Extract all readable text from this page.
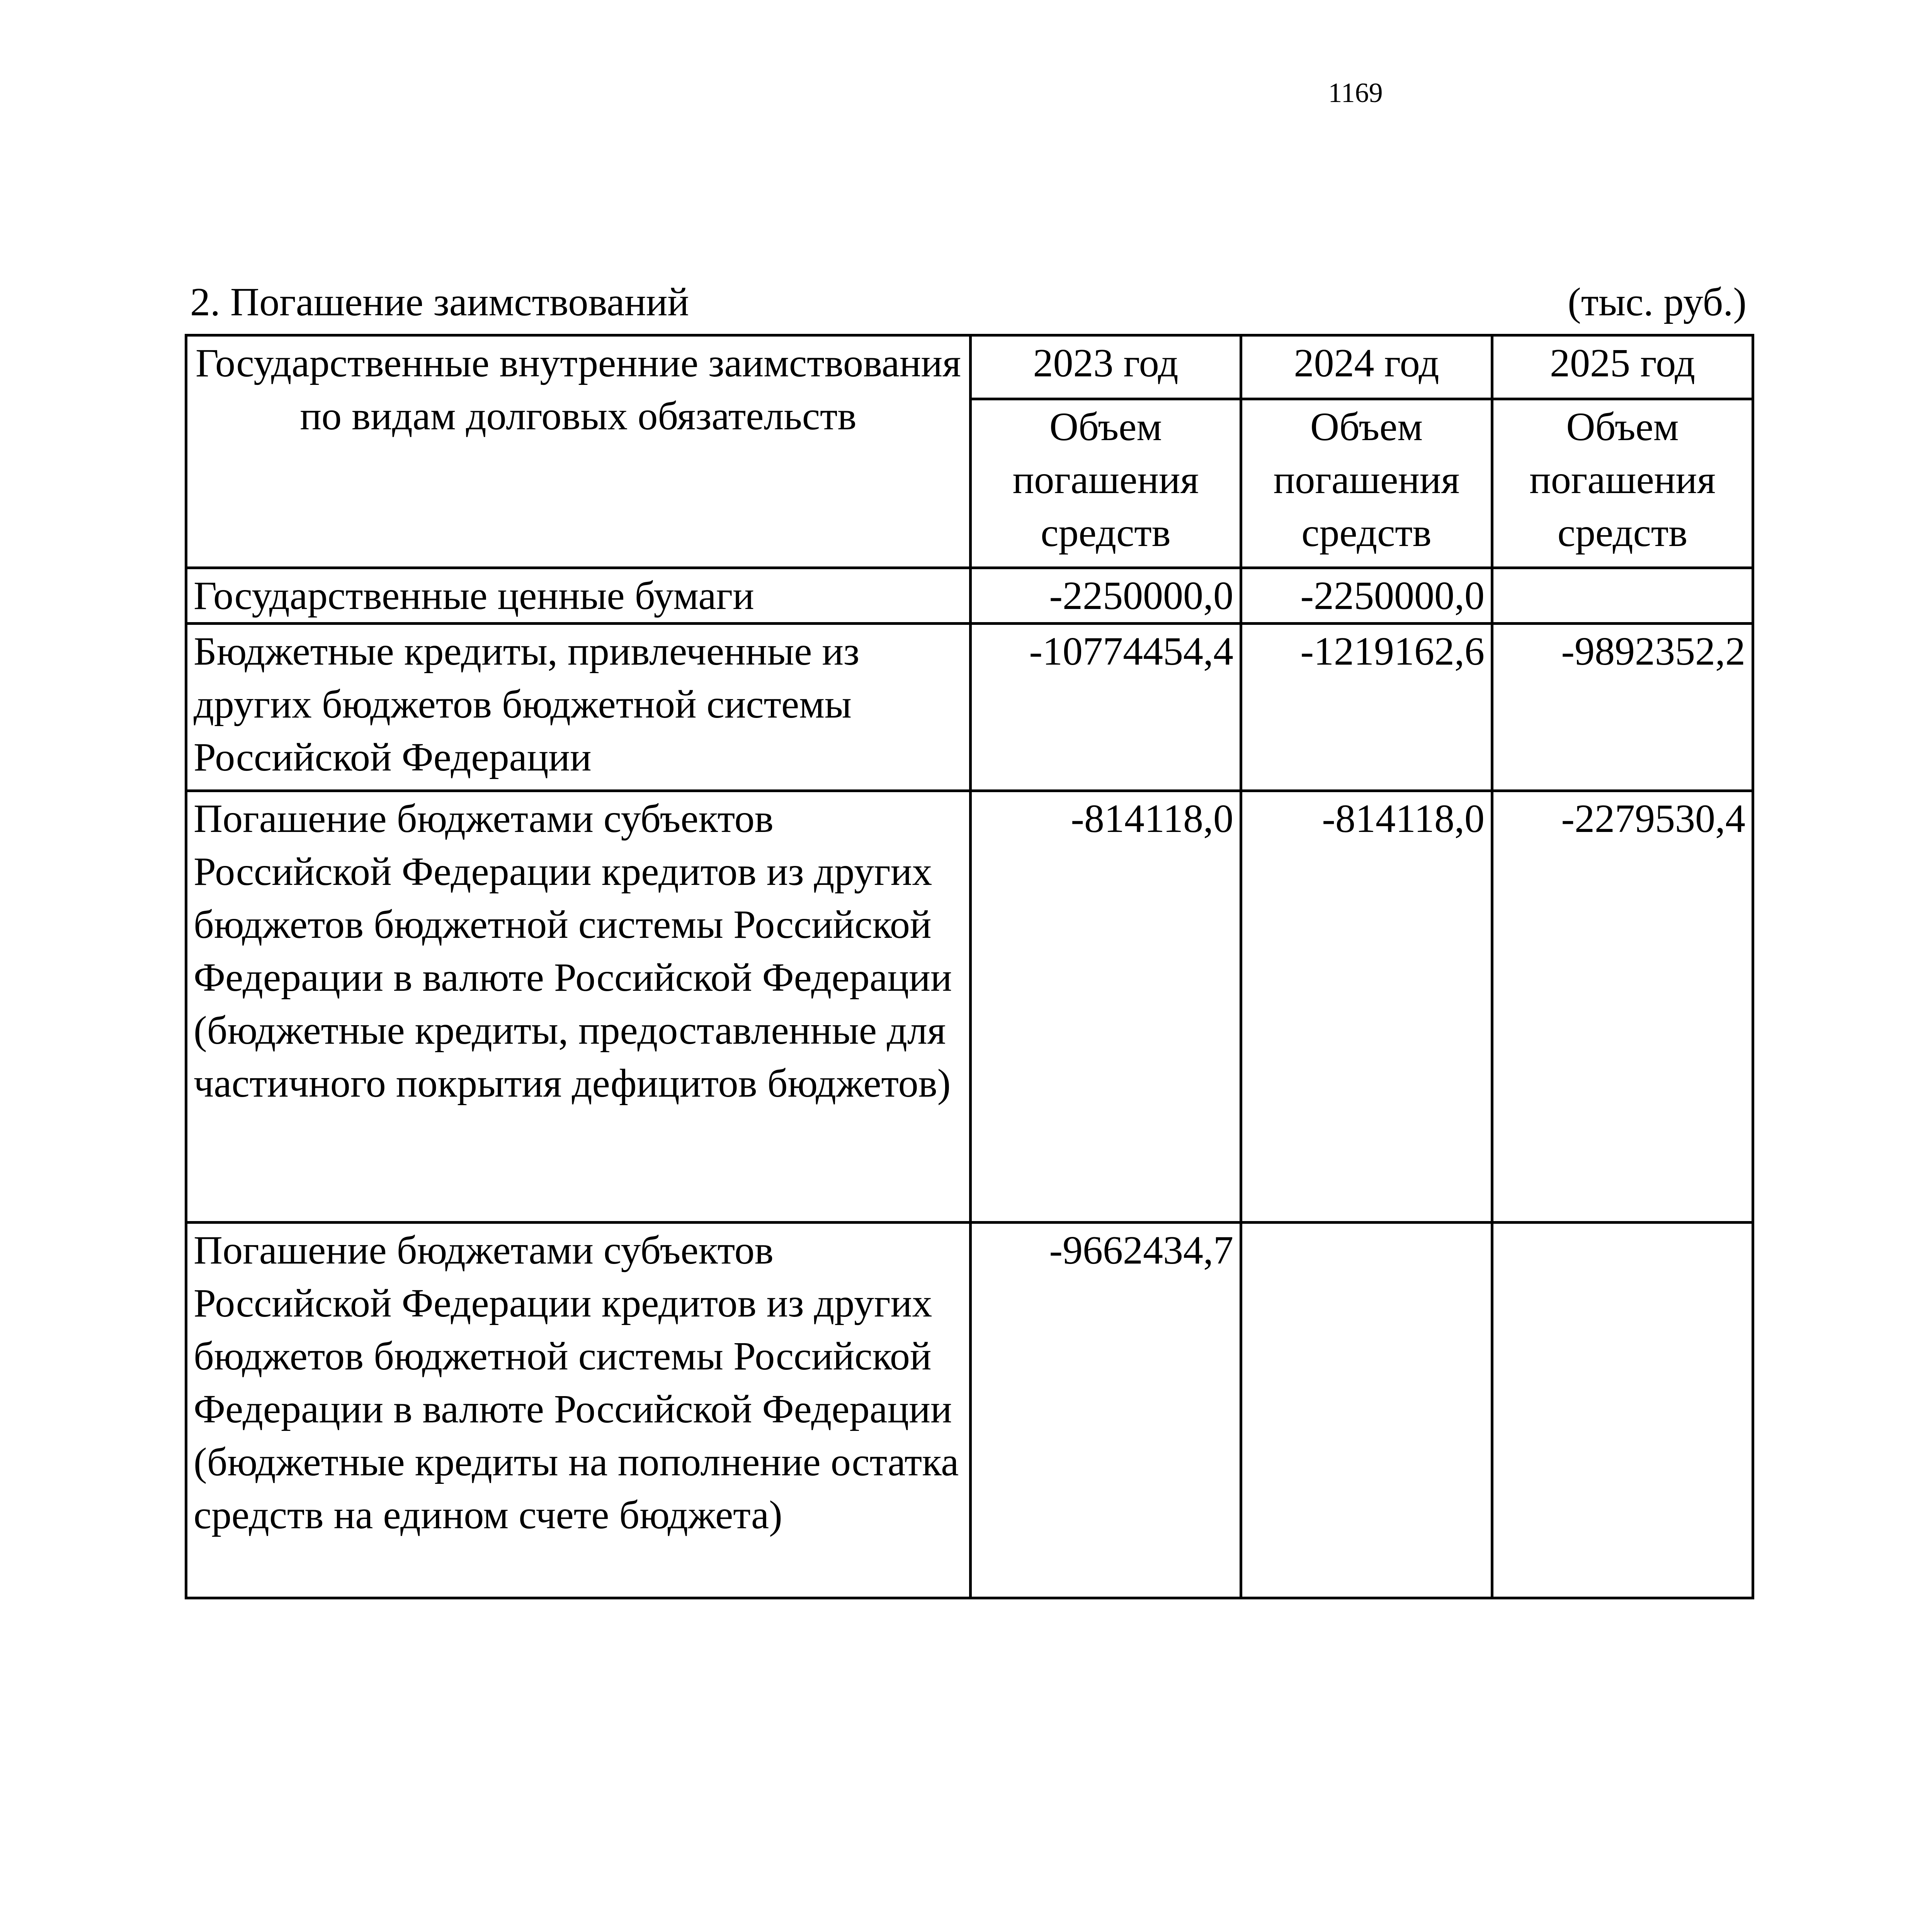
1169
2. Погашение заимствований	(тыс. руб.)
Государственные внутренние заимствования по видам долговых обязательств	2023 год	2024 год	2025 год
	Объем погашения средств	Объем погашения средств	Объем погашения средств
Государственные ценные бумаги	-2250000,0	-2250000,0	
Бюджетные кредиты, привлеченные из других бюджетов бюджетной системы Российской Федерации	-10774454,4	-1219162,6	-9892352,2
Погашение бюджетами субъектов Российской Федерации кредитов из других бюджетов бюджетной системы Российской Федерации в валюте Российской Федерации (бюджетные кредиты, предоставленные для частичного покрытия дефицитов бюджетов)	-814118,0	-814118,0	-2279530,4
Погашение бюджетами субъектов Российской Федерации кредитов из других бюджетов бюджетной системы Российской Федерации в валюте Российской Федерации (бюджетные кредиты на пополнение остатка средств на едином счете бюджета)	-9662434,7		
